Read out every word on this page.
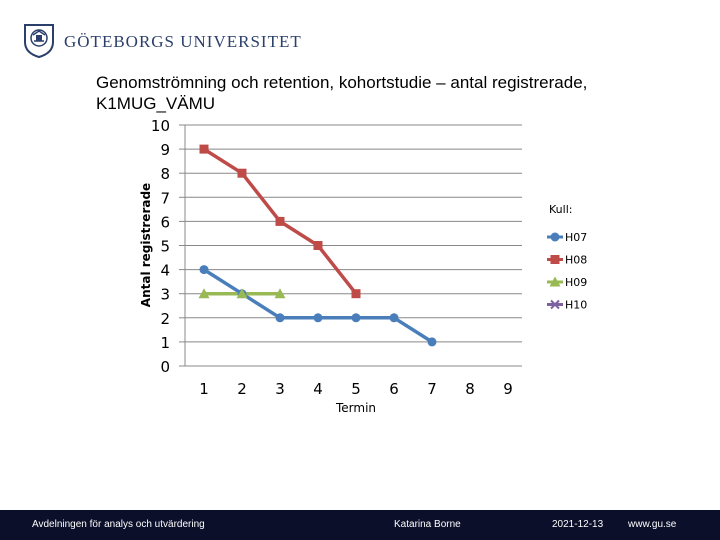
GÖTEBORGS UNIVERSITET
Genomströmning och retention, kohortstudie – antal registrerade, K1MUG_VÄMU
0
1
2
3
4
5
6
7
8
9
10
1 2 3 4 5 6 7 8 9
Termin
Antal registrerade	H07
H08
H09
H10
Kull:
Avdelningen för analys och utvärdering	Katarina Borne	2021-12-13 www.gu.se
